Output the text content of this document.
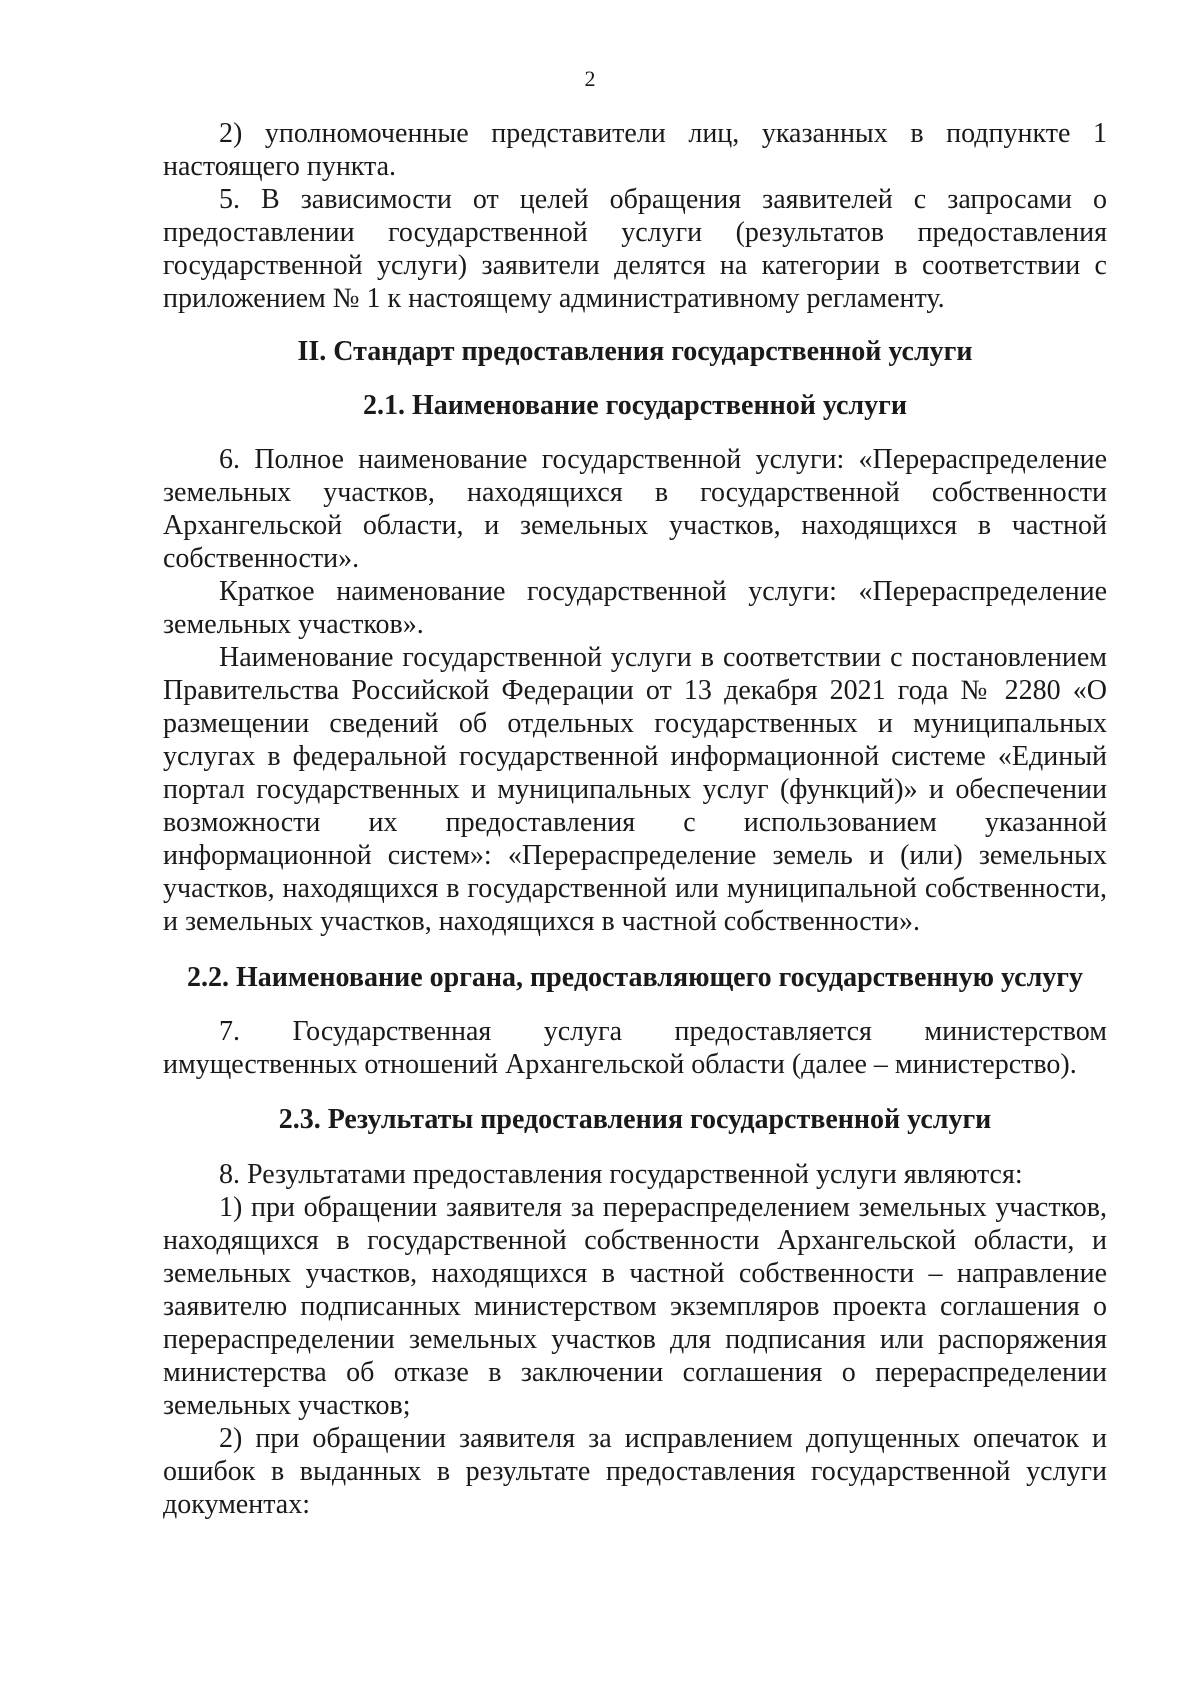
2

2) уполномоченные представители лиц, указанных в подпункте 1 настоящего пункта.

5. В зависимости от целей обращения заявителей с запросами о предоставлении государственной услуги (результатов предоставления государственной услуги) заявители делятся на категории в соответствии с приложением № 1 к настоящему административному регламенту.

II. Стандарт предоставления государственной услуги
2.1. Наименование государственной услуги

6. Полное наименование государственной услуги: «Перераспределение земельных участков, находящихся в государственной собственности Архангельской области, и земельных участков, находящихся в частной собственности».

Краткое наименование государственной услуги: «Перераспределение земельных участков».

Наименование государственной услуги в соответствии с постановлением Правительства Российской Федерации от 13 декабря 2021 года № 2280 «О размещении сведений об отдельных государственных и муниципальных услугах в федеральной государственной информационной системе «Единый портал государственных и муниципальных услуг (функций)» и обеспечении возможности их предоставления с использованием указанной информационной систем»: «Перераспределение земель и (или) земельных участков, находящихся в государственной или муниципальной собственности, и земельных участков, находящихся в частной собственности».

2.2. Наименование органа, предоставляющего государственную услугу

7. Государственная услуга предоставляется министерством имущественных отношений Архангельской области (далее – министерство).

2.3. Результаты предоставления государственной услуги

8. Результатами предоставления государственной услуги являются:

1) при обращении заявителя за перераспределением земельных участков, находящихся в государственной собственности Архангельской области, и земельных участков, находящихся в частной собственности – направление заявителю подписанных министерством экземпляров проекта соглашения о перераспределении земельных участков для подписания или распоряжения министерства об отказе в заключении соглашения о перераспределении земельных участков;

2) при обращении заявителя за исправлением допущенных опечаток и ошибок в выданных в результате предоставления государственной услуги документах:
